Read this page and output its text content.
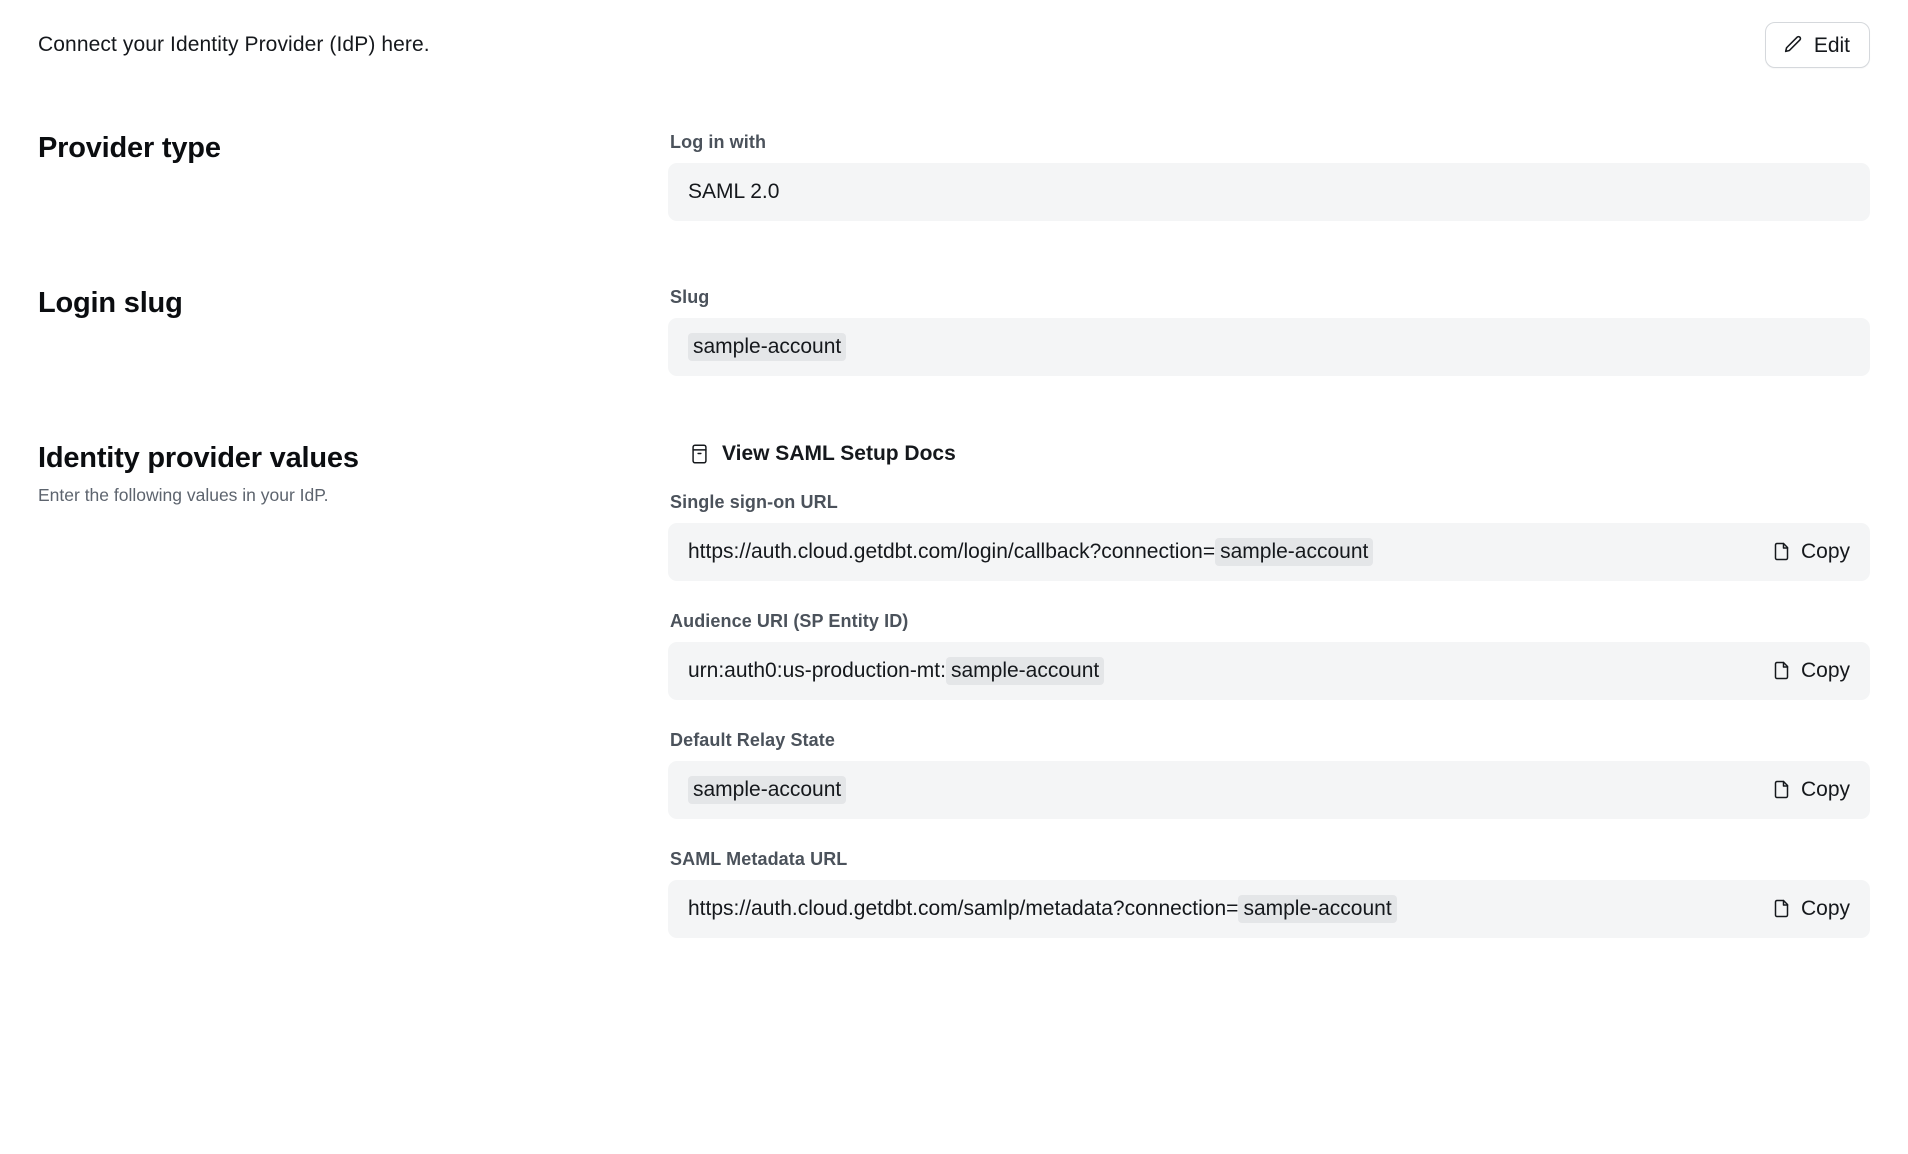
Connect your Identity Provider (IdP) here.	Edit
Provider type	Log in with
SAML 2.0
Login slug	Slug
sample-account
Identity provider values

Enter the following values in your IdP.

View SAML Setup Docs
Single sign-on URL
https://auth.cloud.getdbt.com/login/callback?connection= sample-account	Copy
Audience URI (SP Entity ID)
urn:auth0:us-production-mt: sample-account	Copy
Default Relay State
sample-account	Copy
SAML Metadata URL
https://auth.cloud.getdbt.com/samlp/metadata?connection= sample-account	Copy
